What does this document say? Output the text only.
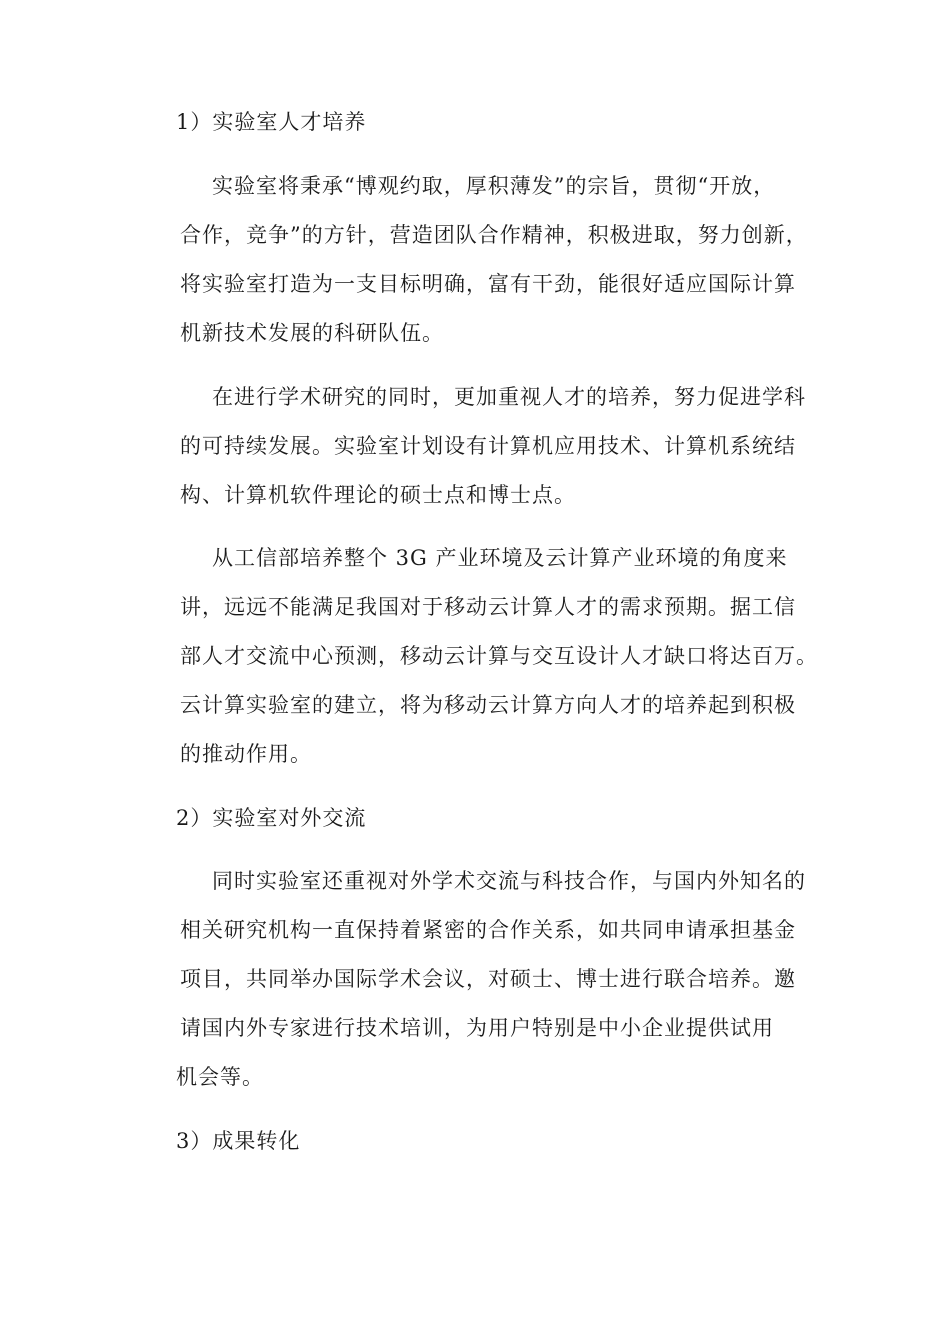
1）实验室人才培养
实验室将秉承“博观约取，厚积薄发”的宗旨，贯彻“开放，
合作，竞争”的方针，营造团队合作精神，积极进取，努力创新，
将实验室打造为一支目标明确，富有干劲，能很好适应国际计算
机新技术发展的科研队伍。
在进行学术研究的同时，更加重视人才的培养，努力促进学科
的可持续发展。实验室计划设有计算机应用技术、计算机系统结
构、计算机软件理论的硕士点和博士点。
从工信部培养整个 3G 产业环境及云计算产业环境的角度来
讲，远远不能满足我国对于移动云计算人才的需求预期。据工信
部人才交流中心预测，移动云计算与交互设计人才缺口将达百万。
云计算实验室的建立，将为移动云计算方向人才的培养起到积极
的推动作用。
2）实验室对外交流
同时实验室还重视对外学术交流与科技合作，与国内外知名的
相关研究机构一直保持着紧密的合作关系，如共同申请承担基金
项目，共同举办国际学术会议，对硕士、博士进行联合培养。邀
请国内外专家进行技术培训，为用户特别是中小企业提供试用
机会等。
3）成果转化
